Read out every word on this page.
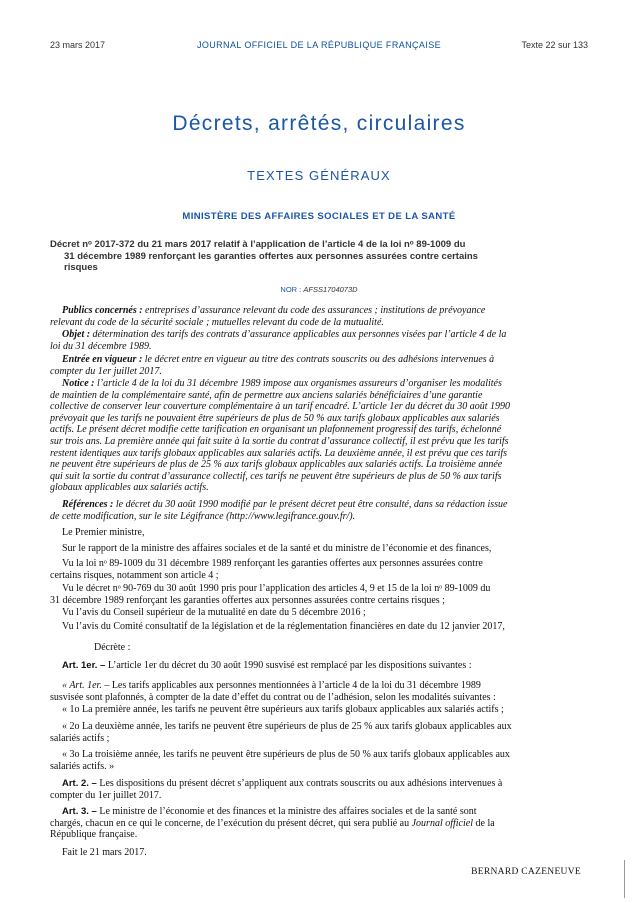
23 mars 2017	JOURNAL OFFICIEL DE LA RÉPUBLIQUE FRANÇAISE	Texte 22 sur 133
Décrets, arrêtés, circulaires
TEXTES GÉNÉRAUX
MINISTÈRE DES AFFAIRES SOCIALES ET DE LA SANTÉ
Décret nᵒ 2017-372 du 21 mars 2017 relatif à l’application de l’article 4 de la loi nᵒ 89-1009 du
31 décembre 1989 renforçant les garanties offertes aux personnes assurées contre certains
risques
NOR : AFSS1704073D
Publics concernés : entreprises d’assurance relevant du code des assurances ; institutions de prévoyance
relevant du code de la sécurité sociale ; mutuelles relevant du code de la mutualité.
Objet : détermination des tarifs des contrats d’assurance applicables aux personnes visées par l’article 4 de la
loi du 31 décembre 1989.
Entrée en vigueur : le décret entre en vigueur au titre des contrats souscrits ou des adhésions intervenues à
compter du 1er juillet 2017.
Notice : l’article 4 de la loi du 31 décembre 1989 impose aux organismes assureurs d’organiser les modalités
de maintien de la complémentaire santé, afin de permettre aux anciens salariés bénéficiaires d’une garantie
collective de conserver leur couverture complémentaire à un tarif encadré. L’article 1er du décret du 30 août 1990
prévoyait que les tarifs ne pouvaient être supérieurs de plus de 50 % aux tarifs globaux applicables aux salariés
actifs. Le présent décret modifie cette tarification en organisant un plafonnement progressif des tarifs, échelonné
sur trois ans. La première année qui fait suite à la sortie du contrat d’assurance collectif, il est prévu que les tarifs
restent identiques aux tarifs globaux applicables aux salariés actifs. La deuxième année, il est prévu que ces tarifs
ne peuvent être supérieurs de plus de 25 % aux tarifs globaux applicables aux salariés actifs. La troisième année
qui suit la sortie du contrat d’assurance collectif, ces tarifs ne peuvent être supérieurs de plus de 50 % aux tarifs
globaux applicables aux salariés actifs.
Références : le décret du 30 août 1990 modifié par le présent décret peut être consulté, dans sa rédaction issue
de cette modification, sur le site Légifrance (http://www.legifrance.gouv.fr/).
Le Premier ministre,
Sur le rapport de la ministre des affaires sociales et de la santé et du ministre de l’économie et des finances,
Vu la loi nᵒ 89-1009 du 31 décembre 1989 renforçant les garanties offertes aux personnes assurées contre
certains risques, notamment son article 4 ;
Vu le décret nᵒ 90-769 du 30 août 1990 pris pour l’application des articles 4, 9 et 15 de la loi nᵒ 89-1009 du
31 décembre 1989 renforçant les garanties offertes aux personnes assurées contre certains risques ;
Vu l’avis du Conseil supérieur de la mutualité en date du 5 décembre 2016 ;
Vu l’avis du Comité consultatif de la législation et de la réglementation financières en date du 12 janvier 2017,
Décrète :
Art. 1er. – L’article 1er du décret du 30 août 1990 susvisé est remplacé par les dispositions suivantes :
« Art. 1er. – Les tarifs applicables aux personnes mentionnées à l’article 4 de la loi du 31 décembre 1989
susvisée sont plafonnés, à compter de la date d’effet du contrat ou de l’adhésion, selon les modalités suivantes :
« 1o La première année, les tarifs ne peuvent être supérieurs aux tarifs globaux applicables aux salariés actifs ;
« 2o La deuxième année, les tarifs ne peuvent être supérieurs de plus de 25 % aux tarifs globaux applicables aux
salariés actifs ;
« 3o La troisième année, les tarifs ne peuvent être supérieurs de plus de 50 % aux tarifs globaux applicables aux
salariés actifs. »
Art. 2. – Les dispositions du présent décret s’appliquent aux contrats souscrits ou aux adhésions intervenues à
compter du 1er juillet 2017.
Art. 3. – Le ministre de l’économie et des finances et la ministre des affaires sociales et de la santé sont
chargés, chacun en ce qui le concerne, de l’exécution du présent décret, qui sera publié au Journal officiel de la
République française.
Fait le 21 mars 2017.
BERNARD CAZENEUVE
